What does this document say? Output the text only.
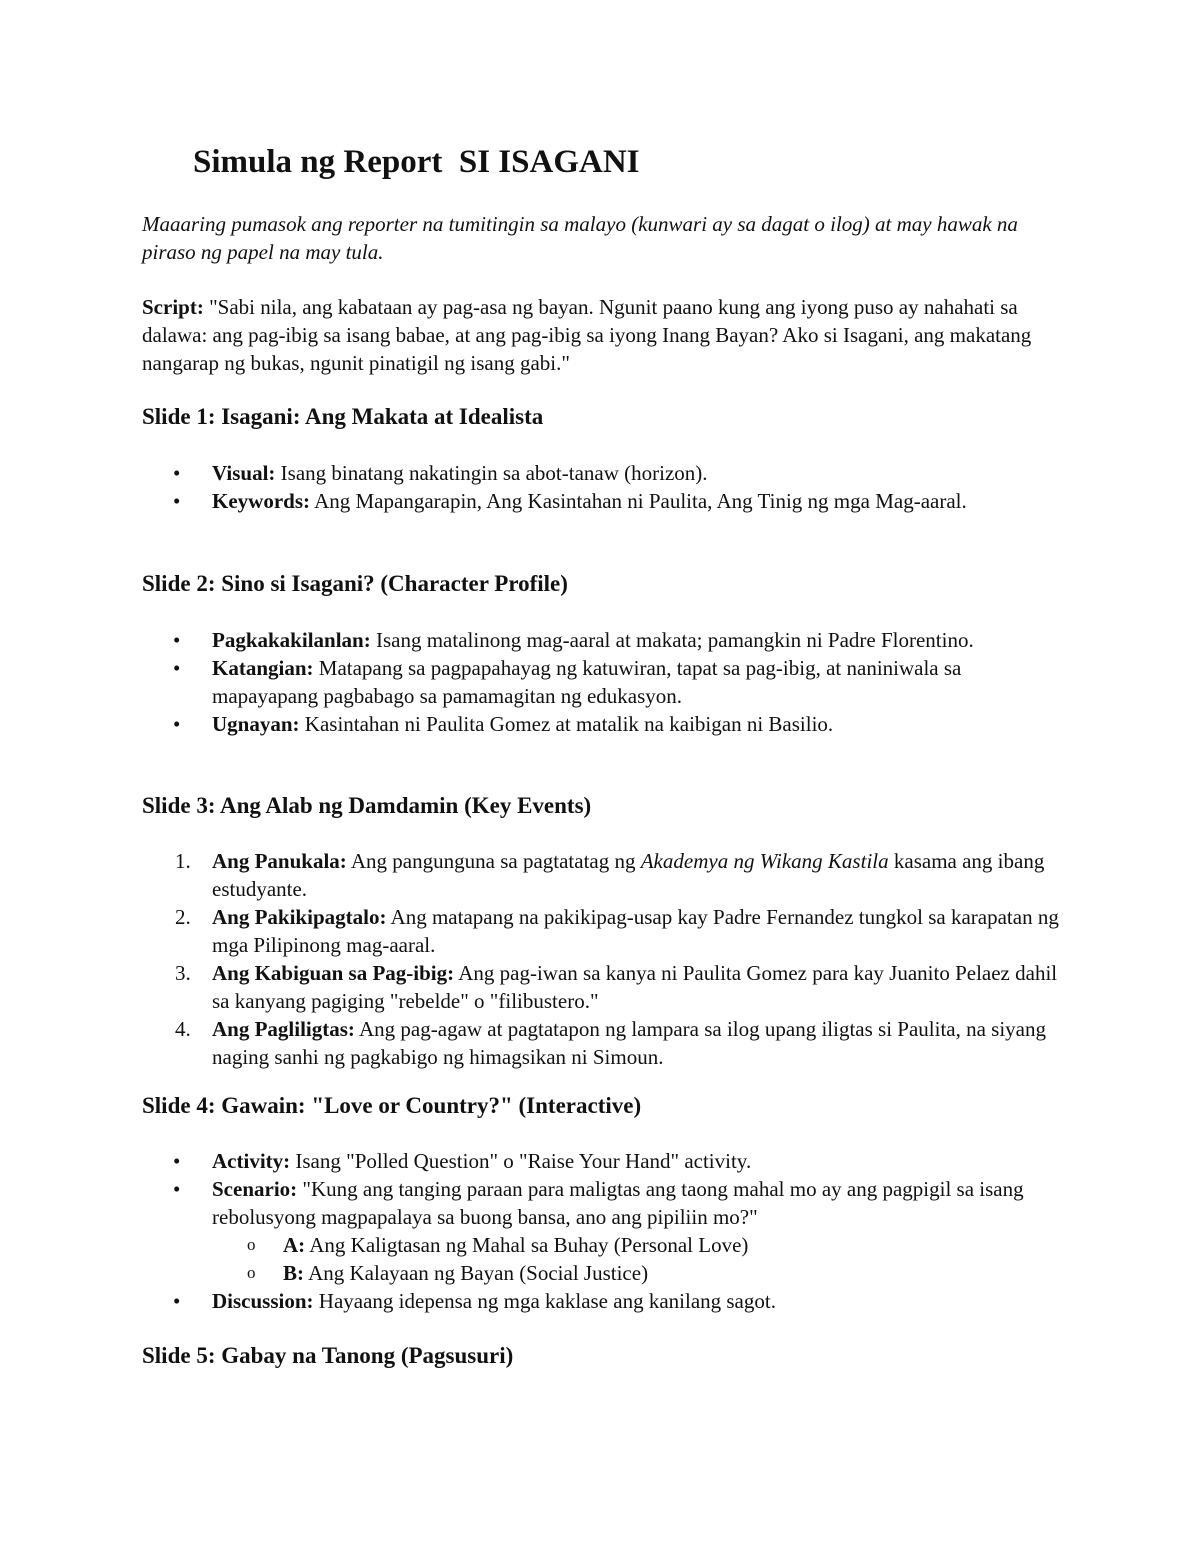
Simula ng Report  SI ISAGANI

Maaaring pumasok ang reporter na tumitingin sa malayo (kunwari ay sa dagat o ilog) at may hawak na piraso ng papel na may tula.

Script: "Sabi nila, ang kabataan ay pag-asa ng bayan. Ngunit paano kung ang iyong puso ay nahahati sa dalawa: ang pag-ibig sa isang babae, at ang pag-ibig sa iyong Inang Bayan? Ako si Isagani, ang makatang nangarap ng bukas, ngunit pinatigil ng isang gabi."

Slide 1: Isagani: Ang Makata at Idealista
• Visual: Isang binatang nakatingin sa abot-tanaw (horizon).
• Keywords: Ang Mapangarapin, Ang Kasintahan ni Paulita, Ang Tinig ng mga Mag-aaral.
Slide 2: Sino si Isagani? (Character Profile)
• Pagkakakilanlan: Isang matalinong mag-aaral at makata; pamangkin ni Padre Florentino.
• Katangian: Matapang sa pagpapahayag ng katuwiran, tapat sa pag-ibig, at naniniwala sa mapayapang pagbabago sa pamamagitan ng edukasyon.
• Ugnayan: Kasintahan ni Paulita Gomez at matalik na kaibigan ni Basilio.
Slide 3: Ang Alab ng Damdamin (Key Events)
1. Ang Panukala: Ang pangunguna sa pagtatatag ng Akademya ng Wikang Kastila kasama ang ibang estudyante.
2. Ang Pakikipagtalo: Ang matapang na pakikipag-usap kay Padre Fernandez tungkol sa karapatan ng mga Pilipinong mag-aaral.
3. Ang Kabiguan sa Pag-ibig: Ang pag-iwan sa kanya ni Paulita Gomez para kay Juanito Pelaez dahil sa kanyang pagiging "rebelde" o "filibustero."
4. Ang Pagliligtas: Ang pag-agaw at pagtatapon ng lampara sa ilog upang iligtas si Paulita, na siyang naging sanhi ng pagkabigo ng himagsikan ni Simoun.
Slide 4: Gawain: "Love or Country?" (Interactive)
• Activity: Isang "Polled Question" o "Raise Your Hand" activity.
• Scenario: "Kung ang tanging paraan para maligtas ang taong mahal mo ay ang pagpigil sa isang rebolusyong magpapalaya sa buong bansa, ano ang pipiliin mo?"
o A: Ang Kaligtasan ng Mahal sa Buhay (Personal Love)
o B: Ang Kalayaan ng Bayan (Social Justice)
• Discussion: Hayaang idepensa ng mga kaklase ang kanilang sagot.
Slide 5: Gabay na Tanong (Pagsusuri)
